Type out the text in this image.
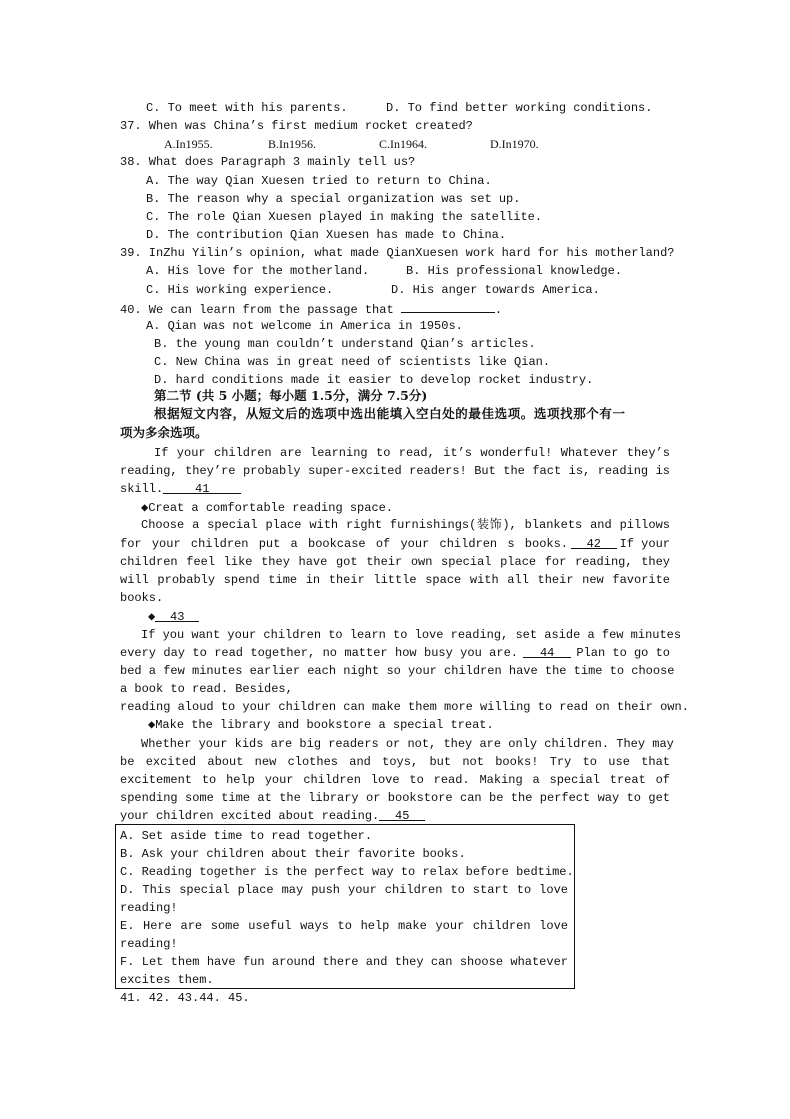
C. To meet with his parents.	D. To find better working conditions.
37. When was China’s first medium rocket created?
A.In1955.	B.In1956.	C.In1964.	D.In1970.
38. What does Paragraph 3 mainly tell us?
A. The way Qian Xuesen tried to return to China.
B. The reason why a special organization was set up.
C. The role Qian Xuesen played in making the satellite.
D. The contribution Qian Xuesen has made to China.
39. InZhu Yilin’s opinion, what made QianXuesen work hard for his motherland?
A. His love for the motherland.	B. His professional knowledge.
C. His working experience.	D. His anger towards America.
40. We can learn from the passage that	.
A. Qian was not welcome in America in 1950s.
B. the young man couldn’t understand Qian’s articles.
C. New China was in great need of scientists like Qian.
D. hard conditions made it easier to develop rocket industry.
第二节 (共 5 小题；每小题 1.5分，满分 7.5分)
根据短文内容，从短文后的选项中选出能填入空白处的最佳选项。选项找那个有一
项为多余选项。
If your children are learning to read, it’s wonderful! Whatever they’s
reading, they’re probably super-excited readers! But the fact is, reading is
skill.	41
◆Creat a comfortable reading space.
Choose a special place with right furnishings(装饰), blankets and pillows
for your children put a bookcase of your children s books.	42	If your
children feel like they have got their own special place for reading, they
will probably spend time in their little space with all their new favorite
books.
◆ 43
If you want your children to learn to love reading, set aside a few minutes
every day to read together, no matter how busy you are.	44	Plan to go to
bed a few minutes earlier each night so your children have the time to choose
a book to read. Besides,
reading aloud to your children can make them more willing to read on their own.
◆Make the library and bookstore a special treat.
Whether your kids are big readers or not, they are only children. They may
be excited about new clothes and toys, but not books! Try to use that
excitement to help your children love to read. Making a special treat of
spending some time at the library or bookstore can be the perfect way to get
your children excited about reading. 45
A. Set aside time to read together.
B. Ask your children about their favorite books.
C. Reading together is the perfect way to relax before bedtime.
D. This special place may push your children to start to love
reading!
E. Here are some useful ways to help make your children love
reading!
F. Let them have fun around there and they can shoose whatever
excites them.
41. 42. 43.44. 45.
